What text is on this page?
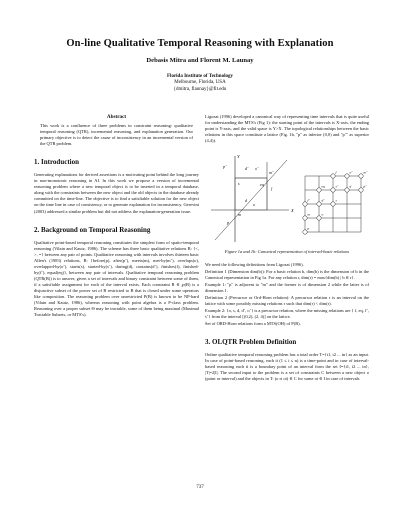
On-line Qualitative Temporal Reasoning with Explanation
Debasis Mitra and Florent M. Launay
Florida Institute of Technology
Melbourne, Florida, USA
{dmitra, flaunay}@fit.edu
Abstract

This work is a confluence of three problems in constraint reasoning: qualitative temporal reasoning (QTR), incremental reasoning, and explanation generation. Our primary objective is to detect the cause of inconsistency in an incremental version of the QTR problem.

1. Introduction

Generating explanations for derived assertions is a motivating point behind the long journey in non-monotonic reasoning in AI. In this work we propose a version of incremental reasoning problem where a new temporal object is to be inserted in a temporal database, along with the constraints between the new object and the old objects in the database already committed on the time-line. The objective is to find a satisfiable solution for the new object on the time line in case of consistency, or to generate explanation for inconsistency. Gerevini (2003) addressed a similar problem but did not address the explanation-generation issue.

2. Background on Temporal Reasoning

Qualitative point-based temporal reasoning constitutes the simplest form of spatio-temporal reasoning (Vilain and Kautz, 1986). The scheme has three basic qualitative relations B: {<, >, =} between any pair of points. Qualitative reasoning with intervals involves thirteen basic Allen's (1983) relations, B: {before(p), after(p˘), meets(m), met-by(m˘), overlaps(o), overlapped-by(o˘), starts(s), started-by(s˘), during(d), contains(d˘), finishes(f), finished-by(f˘), equal(eq)}, between any pair of intervals. Qualitative temporal reasoning problem (QTR(B)) is to answer, given a set of intervals and binary constraint between some of them, if a satisfiable assignment for each of the interval exists. Each constraint R ∈ ℘(B) is a disjunctive subset of the power set of B restricted to B that is closed under some operators like composition. The reasoning problem over unrestricted P(B) is known to be NP-hard (Vilain and Kautz, 1986), whereas reasoning with point algebra is a P-class problem. Reasoning over a proper subset Θ may be tractable, some of them being maximal (Maximal Tractable Subsets, or MTS's).

Ligozat (1996) developed a canonical way of representing time intervals that is quite useful for understanding the MTS's (Fig 1): the starting point of the intervals is X-axis, the ending point is Y-axis, and the valid space is Y>X. The topological relationships between the basic relations in this space constitute a lattice (Fig. 1b, "p" as inferior (0,0) and "p˘" as superior (4,4)).

X
Y
p˘	d˘ o˘
m˘
s	eq
f
d
o
m
p
p
m	o
f˘	d˘	s
eq	s˘	d
f	o˘	m˘
p˘
Figure 1a and 1b: Canonical representation of interval-basic relations

We need the following definitions from Ligozat (1996).

Definition 1 (Dimension dim(b)): For a basic relation b, dim(b) is the dimension of b in the Canonical representation in Fig 1a. For any relation r, dim(r) = max{dim(b) | b ∈ r}.

Example 1: "p" is adjacent to "m" and the former is of dimension 2 while the latter is of dimension 1.

Definition 2 (Precursor or Ord-Horn relation): A precursor relation r is an interval on the lattice with some possibly missing relations r such that dim(r) < dim(r).

Example 2: {o, s, d, d˘, o˘} is a precursor relation, where the missing relations are { f, eq, f˘, s˘} from the interval [(0,2), (2, 4)] on the lattice.

Set of ORD-Horn relations form a MTS(OH) of P(B).

3. OLQTR Problem Definition

Online qualitative temporal reasoning problem has a total order T={t1, t2 ... tn} as an input. In case of point-based reasoning, each ti (1 ≤ i ≤ n) is a time-point and in case of interval-based reasoning each ti is a boundary point of an interval from the set I={i1, i2 ... in}, |T|=2|I|. The second input to the problem is a set of constraints C between a new object o (point or interval) and the objects in T: (o ri oi) ∈ C for some oi ∈ I in case of intervals

737
